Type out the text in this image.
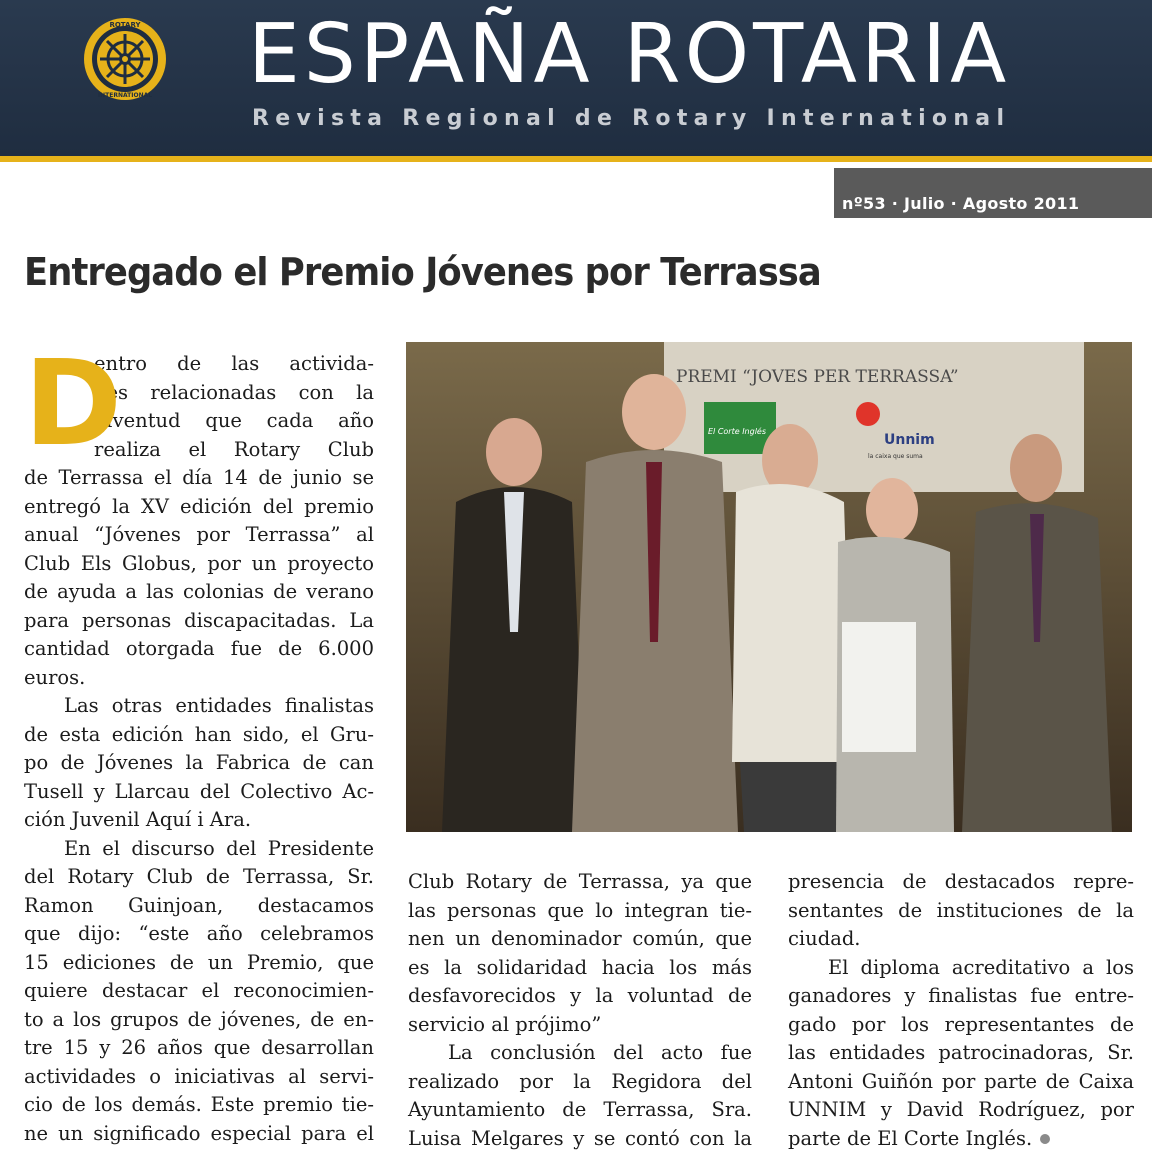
ROTARY
INTERNATIONAL ESPAÑA ROTARIA
Revista Regional de Rotary International
nº53 · Julio · Agosto 2011
Entregado el Premio Jóvenes por Terrassa
D
entro de las activida-
des relacionadas con la
juventud que cada año
realiza el Rotary Club
de Terrassa el día 14 de junio se
entregó la XV edición del premio
anual “Jóvenes por Terrassa” al
Club Els Globus, por un proyecto
de ayuda a las colonias de verano
para personas discapacitadas. La
cantidad otorgada fue de 6.000
euros.
Las otras entidades finalistas
de esta edición han sido, el Gru-
po de Jóvenes la Fabrica de can
Tusell y Llarcau del Colectivo Ac-
ción Juvenil Aquí i Ara.
En el discurso del Presidente
del Rotary Club de Terrassa, Sr.
Ramon Guinjoan, destacamos
que dijo: “este año celebramos
15 ediciones de un Premio, que
quiere destacar el reconocimien-
to a los grupos de jóvenes, de en-
tre 15 y 26 años que desarrollan
actividades o iniciativas al servi-
cio de los demás. Este premio tie-
ne un significado especial para el
PREMI “JOVES PER TERRASSA”
El Corte Inglés
Unnim
la caixa que suma
Club Rotary de Terrassa, ya que
las personas que lo integran tie-
nen un denominador común, que
es la solidaridad hacia los más
desfavorecidos y la voluntad de
servicio al prójimo”
La conclusión del acto fue
realizado por la Regidora del
Ayuntamiento de Terrassa, Sra.
Luisa Melgares y se contó con la
presencia de destacados repre-
sentantes de instituciones de la
ciudad.
El diploma acreditativo a los
ganadores y finalistas fue entre-
gado por los representantes de
las entidades patrocinadoras, Sr.
Antoni Guiñón por parte de Caixa
UNNIM y David Rodríguez, por
parte de El Corte Inglés.
